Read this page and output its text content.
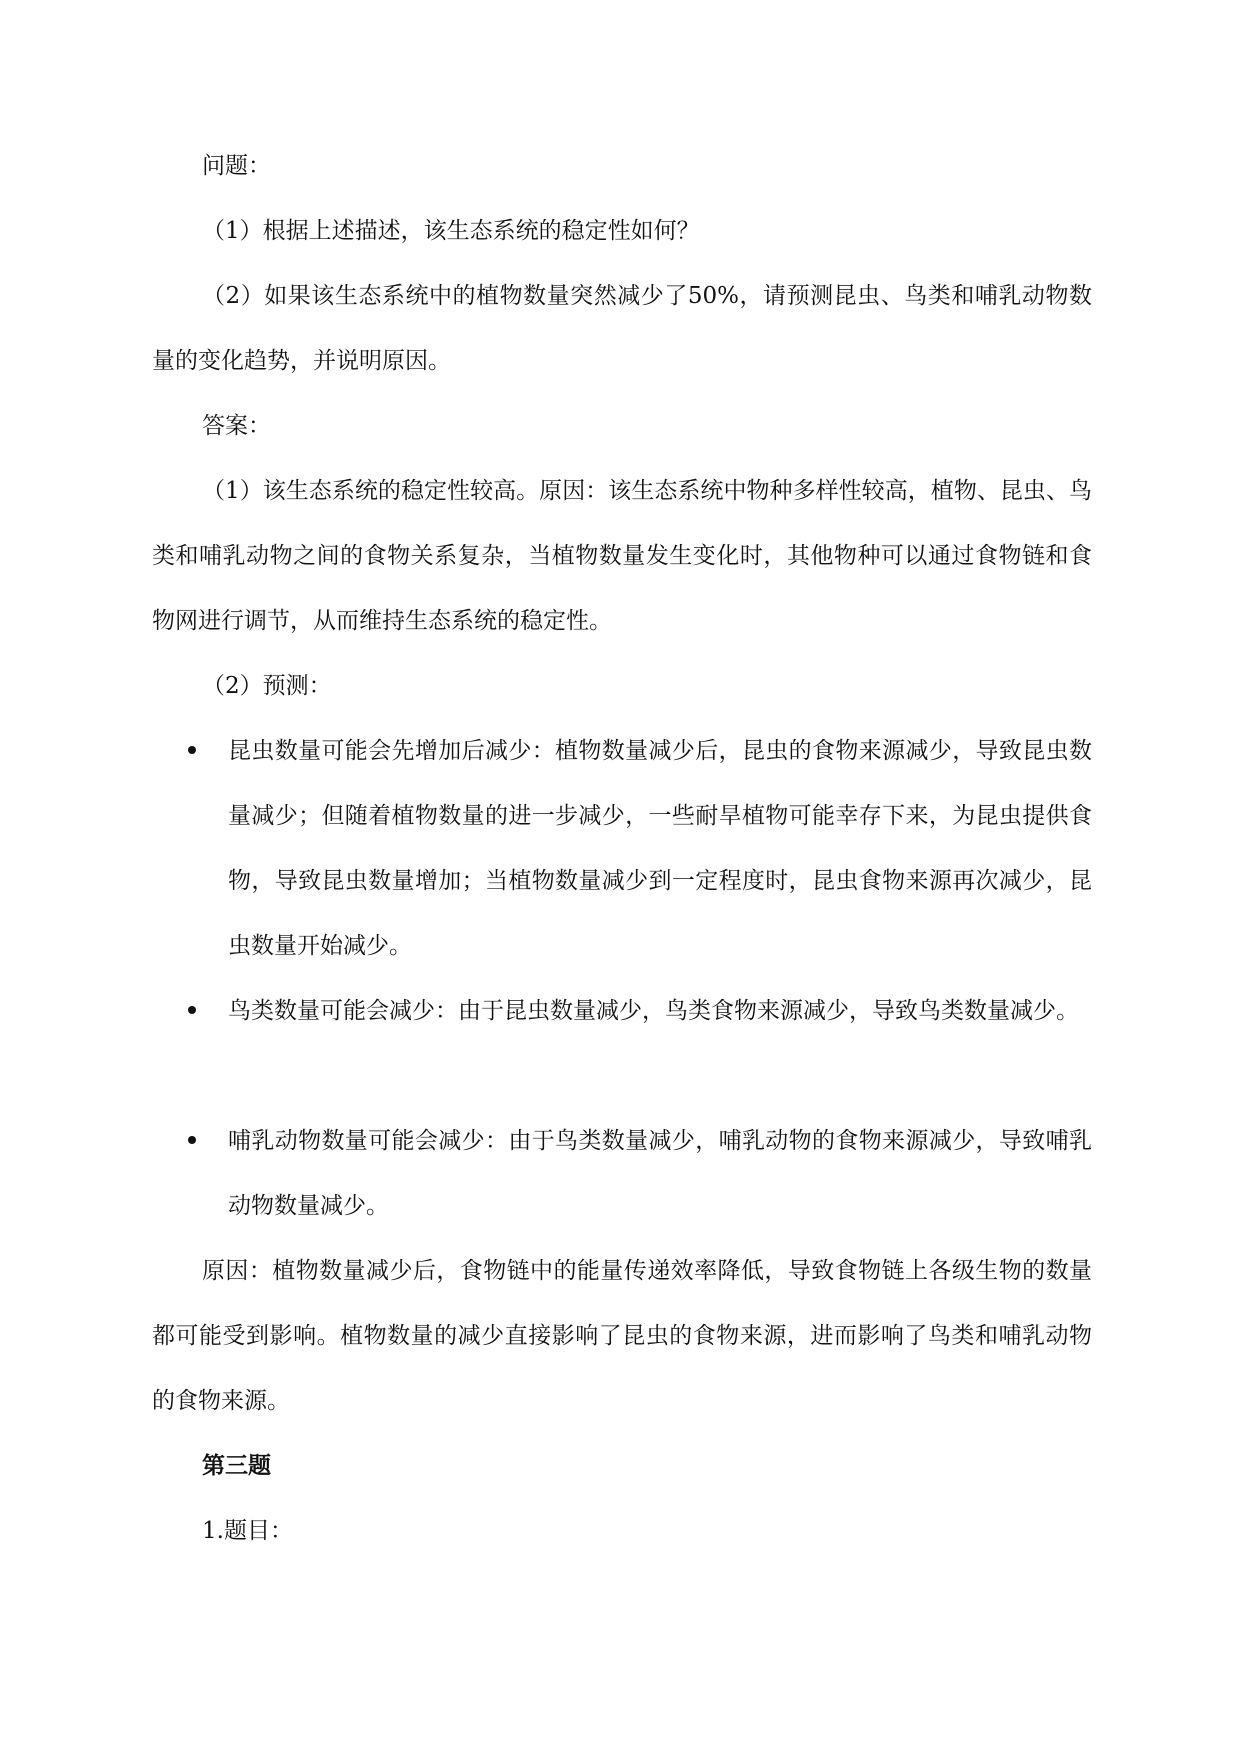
问题：

（1）根据上述描述，该生态系统的稳定性如何？

（2）如果该生态系统中的植物数量突然减少了50%，请预测昆虫、鸟类和哺乳动物数量的变化趋势，并说明原因。

答案：

（1）该生态系统的稳定性较高。原因：该生态系统中物种多样性较高，植物、昆虫、鸟类和哺乳动物之间的食物关系复杂，当植物数量发生变化时，其他物种可以通过食物链和食物网进行调节，从而维持生态系统的稳定性。

（2）预测：

昆虫数量可能会先增加后减少：植物数量减少后，昆虫的食物来源减少，导致昆虫数量减少；但随着植物数量的进一步减少，一些耐旱植物可能幸存下来，为昆虫提供食物，导致昆虫数量增加；当植物数量减少到一定程度时，昆虫食物来源再次减少，昆虫数量开始减少。

鸟类数量可能会减少：由于昆虫数量减少，鸟类食物来源减少，导致鸟类数量减少。

哺乳动物数量可能会减少：由于鸟类数量减少，哺乳动物的食物来源减少，导致哺乳动物数量减少。

原因：植物数量减少后，食物链中的能量传递效率降低，导致食物链上各级生物的数量都可能受到影响。植物数量的减少直接影响了昆虫的食物来源，进而影响了鸟类和哺乳动物的食物来源。

第三题

1.题目：
